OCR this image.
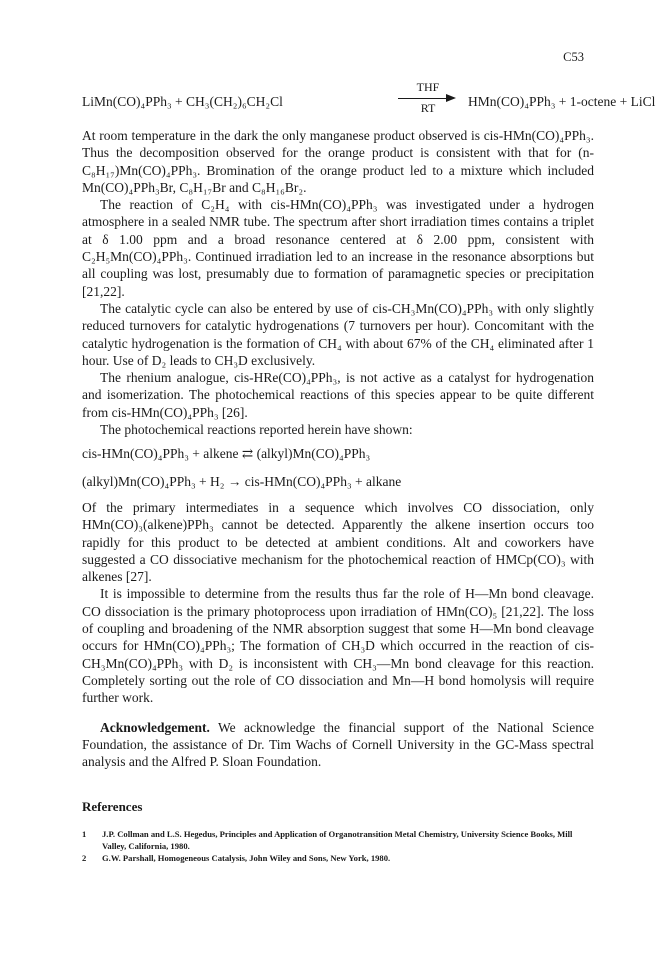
C53
LiMn(CO)₄PPh₃ + CH₃(CH₂)₆CH₂Cl
THF
RT	HMn(CO)₄PPh₃ + 1-octene + LiCl

At room temperature in the dark the only manganese product observed is cis-HMn(CO)₄PPh₃. Thus the decomposition observed for the orange product is consistent with that for (n-C₈H₁₇)Mn(CO)₄PPh₃. Bromination of the orange product led to a mixture which included Mn(CO)₄PPh₃Br, C₈H₁₇Br and C₈H₁₆Br₂.

The reaction of C₂H₄ with cis-HMn(CO)₄PPh₃ was investigated under a hydrogen atmosphere in a sealed NMR tube. The spectrum after short irradiation times contains a triplet at δ 1.00 ppm and a broad resonance centered at δ 2.00 ppm, consistent with C₂H₅Mn(CO)₄PPh₃. Continued irradiation led to an increase in the resonance absorptions but all coupling was lost, presumably due to formation of paramagnetic species or precipitation [21,22].

The catalytic cycle can also be entered by use of cis-CH₃Mn(CO)₄PPh₃ with only slightly reduced turnovers for catalytic hydrogenations (7 turnovers per hour). Concomitant with the catalytic hydrogenation is the formation of CH₄ with about 67% of the CH₄ eliminated after 1 hour. Use of D₂ leads to CH₃D exclusively.

The rhenium analogue, cis-HRe(CO)₄PPh₃, is not active as a catalyst for hydrogenation and isomerization. The photochemical reactions of this species appear to be quite different from cis-HMn(CO)₄PPh₃ [26].

The photochemical reactions reported herein have shown:

cis-HMn(CO)₄PPh₃ + alkene ⇄ (alkyl)Mn(CO)₄PPh₃

(alkyl)Mn(CO)₄PPh₃ + H₂ → cis-HMn(CO)₄PPh₃ + alkane

Of the primary intermediates in a sequence which involves CO dissociation, only HMn(CO)₃(alkene)PPh₃ cannot be detected. Apparently the alkene insertion occurs too rapidly for this product to be detected at ambient conditions. Alt and coworkers have suggested a CO dissociative mechanism for the photochemical reaction of HMCp(CO)₃ with alkenes [27].

It is impossible to determine from the results thus far the role of H—Mn bond cleavage. CO dissociation is the primary photoprocess upon irradiation of HMn(CO)₅ [21,22]. The loss of coupling and broadening of the NMR absorption suggest that some H—Mn bond cleavage occurs for HMn(CO)₄PPh₃; The formation of CH₃D which occurred in the reaction of cis-CH₃Mn(CO)₄PPh₃ with D₂ is inconsistent with CH₃—Mn bond cleavage for this reaction. Completely sorting out the role of CO dissociation and Mn—H bond homolysis will require further work.

Acknowledgement. We acknowledge the financial support of the National Science Foundation, the assistance of Dr. Tim Wachs of Cornell University in the GC-Mass spectral analysis and the Alfred P. Sloan Foundation.

References
1	J.P. Collman and L.S. Hegedus, Principles and Application of Organotransition Metal Chemistry, University Science Books, Mill Valley, California, 1980.
2	G.W. Parshall, Homogeneous Catalysis, John Wiley and Sons, New York, 1980.
